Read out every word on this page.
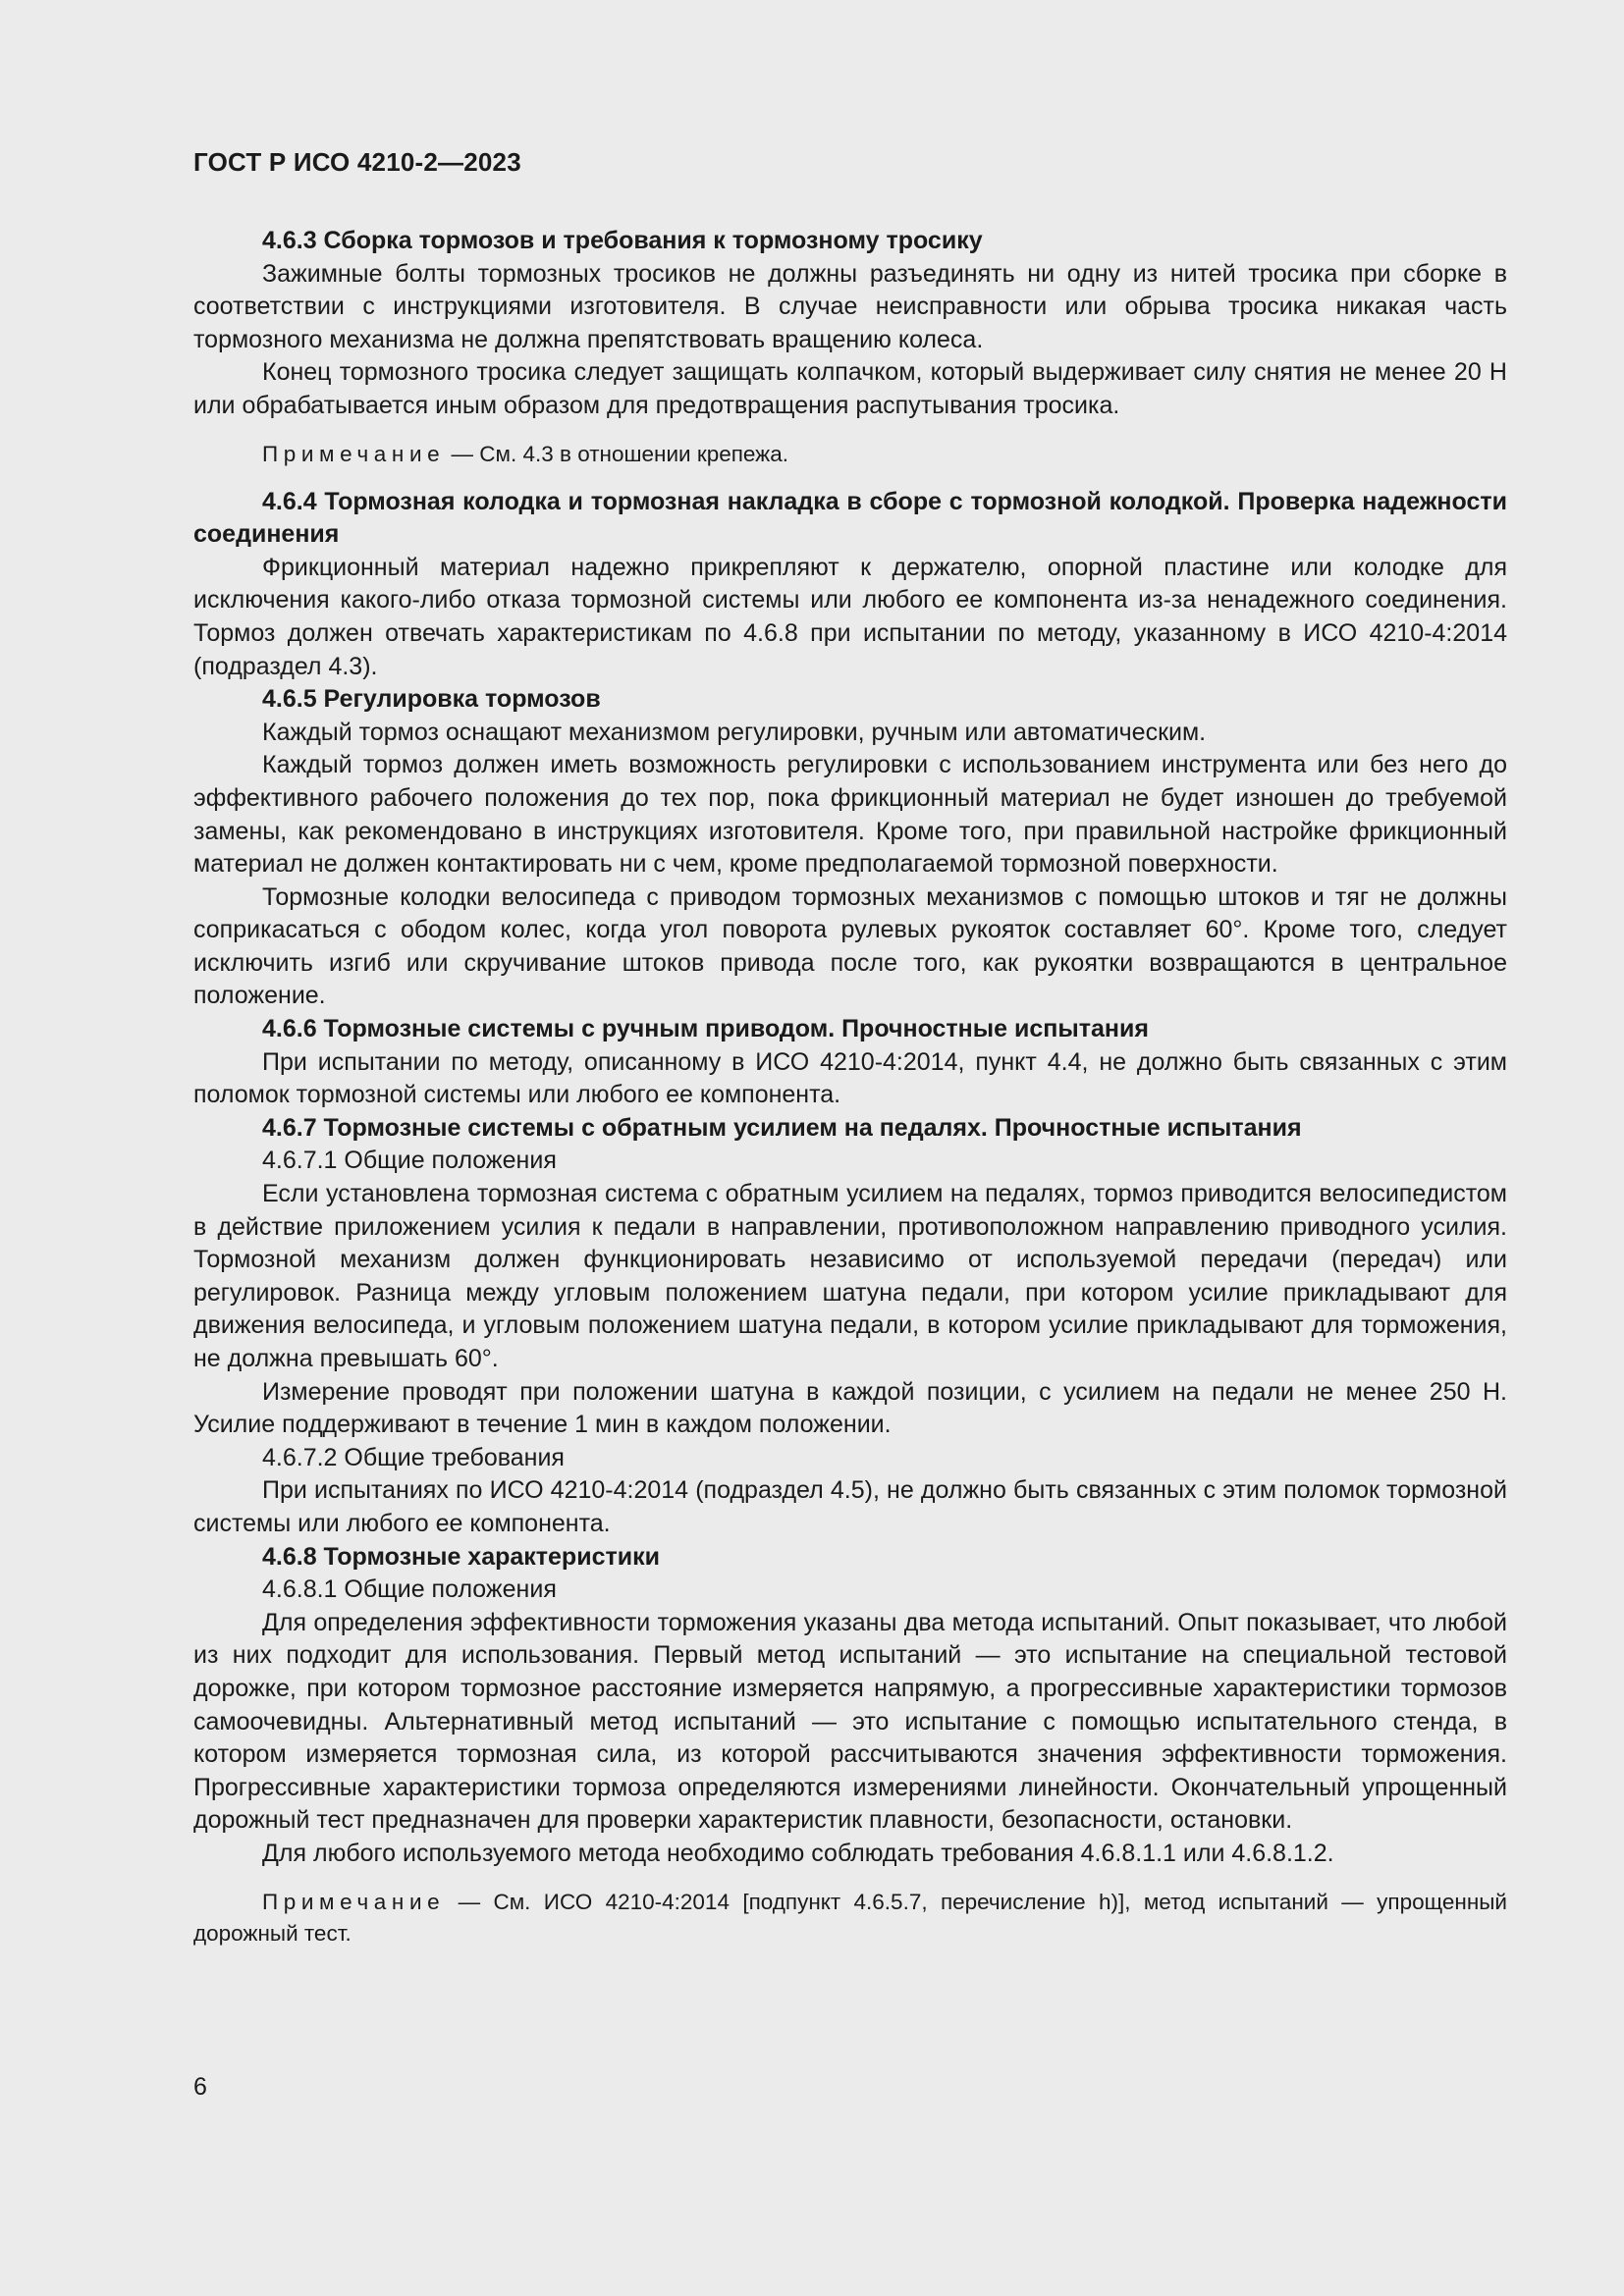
ГОСТ Р ИСО 4210-2—2023

4.6.3 Сборка тормозов и требования к тормозному тросику

Зажимные болты тормозных тросиков не должны разъединять ни одну из нитей тросика при сборке в соответствии с инструкциями изготовителя. В случае неисправности или обрыва тросика никакая часть тормозного механизма не должна препятствовать вращению колеса.

Конец тормозного тросика следует защищать колпачком, который выдерживает силу снятия не менее 20 Н или обрабатывается иным образом для предотвращения распутывания тросика.

Примечание — См. 4.3 в отношении крепежа.

4.6.4 Тормозная колодка и тормозная накладка в сборе с тормозной колодкой. Проверка надежности соединения

Фрикционный материал надежно прикрепляют к держателю, опорной пластине или колодке для исключения какого-либо отказа тормозной системы или любого ее компонента из-за ненадежного соединения. Тормоз должен отвечать характеристикам по 4.6.8 при испытании по методу, указанному в ИСО 4210-4:2014 (подраздел 4.3).

4.6.5 Регулировка тормозов

Каждый тормоз оснащают механизмом регулировки, ручным или автоматическим.

Каждый тормоз должен иметь возможность регулировки с использованием инструмента или без него до эффективного рабочего положения до тех пор, пока фрикционный материал не будет изношен до требуемой замены, как рекомендовано в инструкциях изготовителя. Кроме того, при правильной настройке фрикционный материал не должен контактировать ни с чем, кроме предполагаемой тормозной поверхности.

Тормозные колодки велосипеда с приводом тормозных механизмов с помощью штоков и тяг не должны соприкасаться с ободом колес, когда угол поворота рулевых рукояток составляет 60°. Кроме того, следует исключить изгиб или скручивание штоков привода после того, как рукоятки возвращаются в центральное положение.

4.6.6 Тормозные системы с ручным приводом. Прочностные испытания

При испытании по методу, описанному в ИСО 4210-4:2014, пункт 4.4, не должно быть связанных с этим поломок тормозной системы или любого ее компонента.

4.6.7 Тормозные системы с обратным усилием на педалях. Прочностные испытания

4.6.7.1 Общие положения

Если установлена тормозная система с обратным усилием на педалях, тормоз приводится велосипедистом в действие приложением усилия к педали в направлении, противоположном направлению приводного усилия. Тормозной механизм должен функционировать независимо от используемой передачи (передач) или регулировок. Разница между угловым положением шатуна педали, при котором усилие прикладывают для движения велосипеда, и угловым положением шатуна педали, в котором усилие прикладывают для торможения, не должна превышать 60°.

Измерение проводят при положении шатуна в каждой позиции, с усилием на педали не менее 250 Н. Усилие поддерживают в течение 1 мин в каждом положении.

4.6.7.2 Общие требования

При испытаниях по ИСО 4210-4:2014 (подраздел 4.5), не должно быть связанных с этим поломок тормозной системы или любого ее компонента.

4.6.8 Тормозные характеристики

4.6.8.1 Общие положения

Для определения эффективности торможения указаны два метода испытаний. Опыт показывает, что любой из них подходит для использования. Первый метод испытаний — это испытание на специальной тестовой дорожке, при котором тормозное расстояние измеряется напрямую, а прогрессивные характеристики тормозов самоочевидны. Альтернативный метод испытаний — это испытание с помощью испытательного стенда, в котором измеряется тормозная сила, из которой рассчитываются значения эффективности торможения. Прогрессивные характеристики тормоза определяются измерениями линейности. Окончательный упрощенный дорожный тест предназначен для проверки характеристик плавности, безопасности, остановки.

Для любого используемого метода необходимо соблюдать требования 4.6.8.1.1 или 4.6.8.1.2.

Примечание — См. ИСО 4210-4:2014 [подпункт 4.6.5.7, перечисление h)], метод испытаний — упрощенный дорожный тест.

6
